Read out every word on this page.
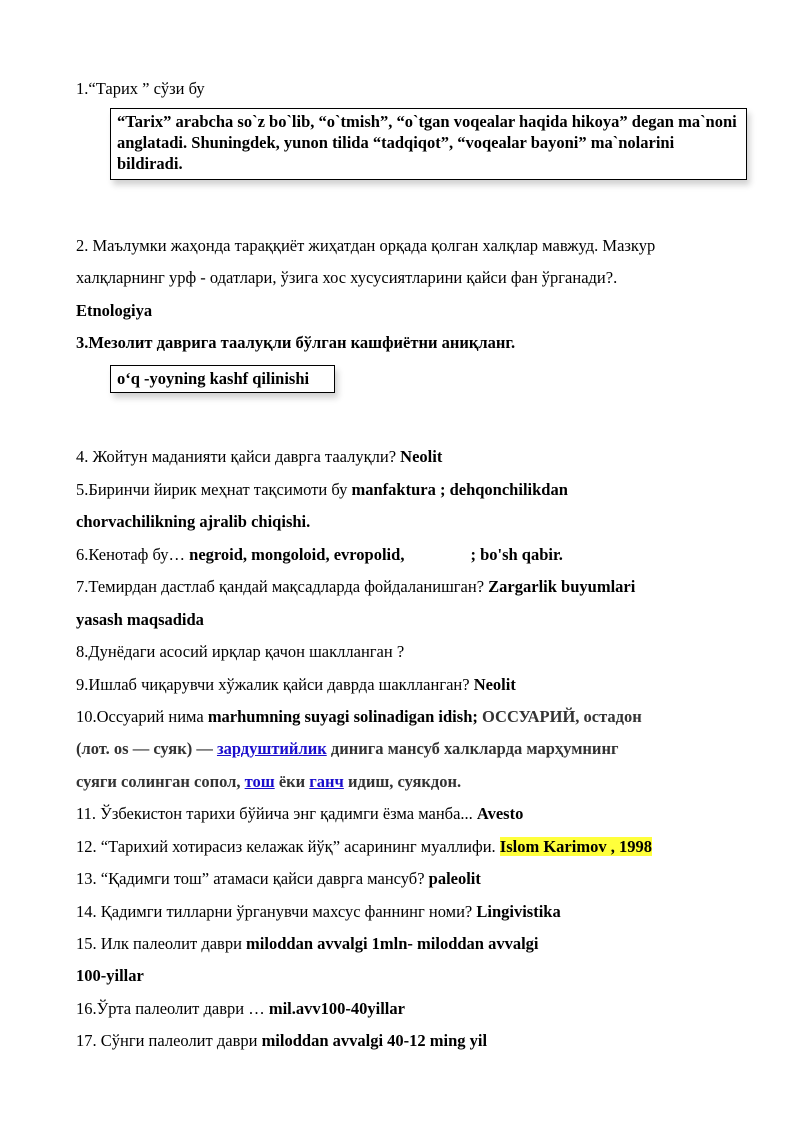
1.“Тарих ” сўзи бу
“Tarix” arabcha so`z bo`lib, “o`tmish”, “o`tgan voqealar haqida hikoya” degan ma`noni anglatadi. Shuningdek, yunon tilida “tadqiqot”, “voqealar bayoni” ma`nolarini bildiradi.
2. Маълумки жаҳонда тараққиёт жиҳатдан орқада қолган халқлар мавжуд. Мазкур
халқларнинг урф - одатлари, ўзига хос хусусиятларини қайси фан ўрганади?.
Etnologiya
3.Мезолит даврига таалуқли бўлган кашфиётни аниқланг.
o‘q -yoyning kashf qilinishi
4. Жойтун маданияти қайси даврга таалуқли? Neolit
5.Биринчи йирик меҳнат тақсимоти бу manfaktura ; dehqonchilikdan
chorvachilikning ajralib chiqishi.
6.Кенотаф бу… negroid, mongoloid, evropolid,	; bo'sh qabir.
7.Темирдан дастлаб қандай мақсадларда фойдаланишган? Zargarlik buyumlari
yasash maqsadida
8.Дунёдаги асосий ирқлар қачон шаклланган ?
9.Ишлаб чиқарувчи хўжалик қайси даврда шаклланган? Neolit
10.Оссуарий нима marhumning suyagi solinadigan idish; ОССУАРИЙ, остадон
(лот. os — суяк) — зардуштийлик динига мансуб халкларда марҳумнинг
суяги солинган сопол, тош ёки ганч идиш, суякдон.
11. Ўзбекистон тарихи бўйича энг қадимги ёзма манба... Avesto
12. “Тарихий хотирасиз келажак йўқ” асарининг муаллифи. Islom Karimov , 1998
13. “Қадимги тош” атамаси қайси даврга мансуб? paleolit
14. Қадимги тилларни ўрганувчи махсус фаннинг номи? Lingivistika
15. Илк палеолит даври miloddan avvalgi 1mln- miloddan avvalgi
100-yillar
16.Ўрта палеолит даври … mil.avv100-40yillar
17. Сўнги палеолит даври miloddan avvalgi 40-12 ming yil
